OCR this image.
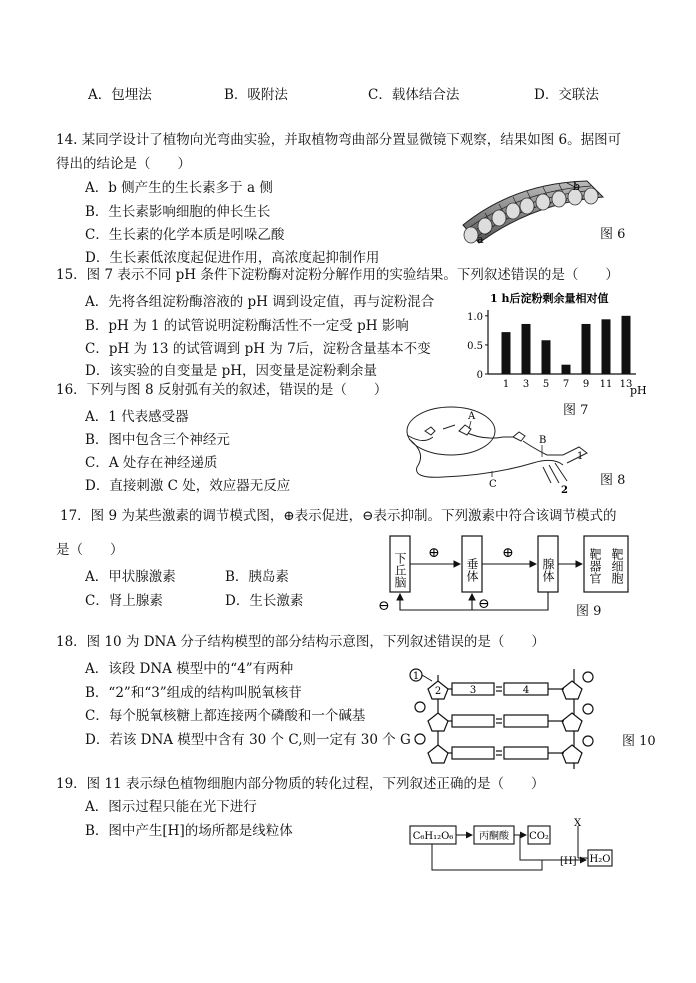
A．包埋法	B．吸附法	C．载体结合法	D．交联法
14. 某同学设计了植物向光弯曲实验，并取植物弯曲部分置显微镜下观察，结果如图 6。据图可
得出的结论是（　　）
A．b 侧产生的生长素多于 a 侧
B．生长素影响细胞的伸长生长
C．生长素的化学本质是吲哚乙酸
D．生长素低浓度起促进作用，高浓度起抑制作用
b
a	图 6
15．图 7 表示不同 pH 条件下淀粉酶对淀粉分解作用的实验结果。下列叙述错误的是（　　）
A．先将各组淀粉酶溶液的 pH 调到设定值，再与淀粉混合
B．pH 为 1 的试管说明淀粉酶活性不一定受 pH 影响
C．pH 为 13 的试管调到 pH 为 7后，淀粉含量基本不变
D．该实验的自变量是 pH，因变量是淀粉剩余量
1 h后淀粉剩余量相对值
pH
1.0
0.5
0
1 3 5 7 9 11 13
图 7
16．下列与图 8 反射弧有关的叙述，错误的是（　　）
A．1 代表感受器
B．图中包含三个神经元
C．A 处存在神经递质
D．直接刺激 C 处，效应器无反应
A
B
C
1
2
图 8
17．图 9 为某些激素的调节模式图，⊕表示促进，⊖表示抑制。下列激素中符合该调节模式的
是（　　）
A．甲状腺激素	B．胰岛素
C．肾上腺素	D．生长激素
下丘脑	垂体	腺体	靶器官 靶细胞
⊕	⊕
⊖	⊖	图 9
18．图 10 为 DNA 分子结构模型的部分结构示意图，下列叙述错误的是（　　）
A．该段 DNA 模型中的“4”有两种
B．“2”和“3”组成的结构叫脱氧核苷
C．每个脱氧核糖上都连接两个磷酸和一个碱基
D．若该 DNA 模型中含有 30 个 C,则一定有 30 个 G
1
2	3	4
图 10
19．图 11 表示绿色植物细胞内部分物质的转化过程，下列叙述正确的是（　　）
A．图示过程只能在光下进行
B．图中产生[H]的场所都是线粒体	C₆H₁₂O₆	丙酮酸 CO₂
[H] H₂O
X
